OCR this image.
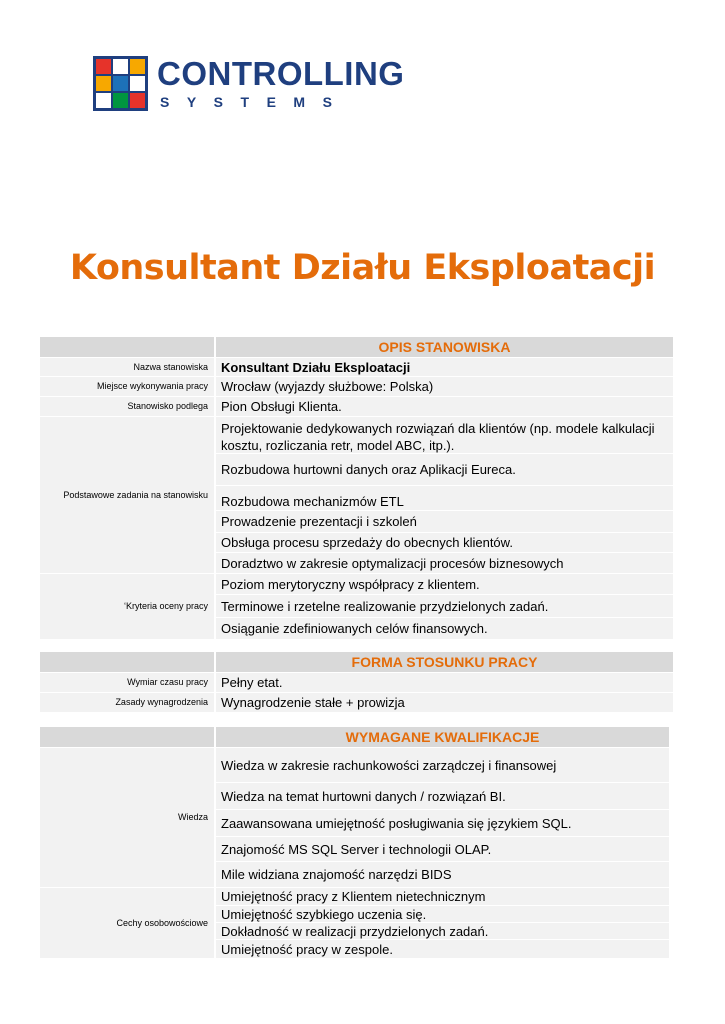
CONTROLLING
SYSTEMS
Konsultant Działu Eksploatacji
OPIS STANOWISKA
Nazwa stanowiska	Konsultant Działu Eksploatacji
Miejsce wykonywania pracy	Wrocław (wyjazdy służbowe: Polska)
Stanowisko podlega	Pion Obsługi Klienta.
Podstawowe zadania na stanowisku
Projektowanie dedykowanych rozwiązań dla klientów (np. modele kalkulacji kosztu, rozliczania retr, model ABC, itp.).
Rozbudowa hurtowni danych oraz Aplikacji Eureca.
Rozbudowa mechanizmów ETL
Prowadzenie prezentacji i szkoleń
Obsługa procesu sprzedaży do obecnych klientów.
Doradztwo w zakresie optymalizacji procesów biznesowych
‘Kryteria oceny pracy
Poziom merytoryczny współpracy z klientem.
Terminowe i rzetelne realizowanie przydzielonych zadań.
Osiąganie zdefiniowanych celów finansowych.
FORMA STOSUNKU PRACY
Wymiar czasu pracy	Pełny etat.
Zasady wynagrodzenia	Wynagrodzenie stałe + prowizja
WYMAGANE KWALIFIKACJE
Wiedza
Wiedza w zakresie rachunkowości zarządczej i finansowej
Wiedza na temat hurtowni danych / rozwiązań BI.
Zaawansowana umiejętność posługiwania się językiem SQL.
Znajomość MS SQL Server i technologii OLAP.
Mile widziana znajomość narzędzi BIDS
Cechy osobowościowe
Umiejętność pracy z Klientem nietechnicznym
Umiejętność szybkiego uczenia się.
Dokładność w realizacji przydzielonych zadań.
Umiejętność pracy w zespole.
